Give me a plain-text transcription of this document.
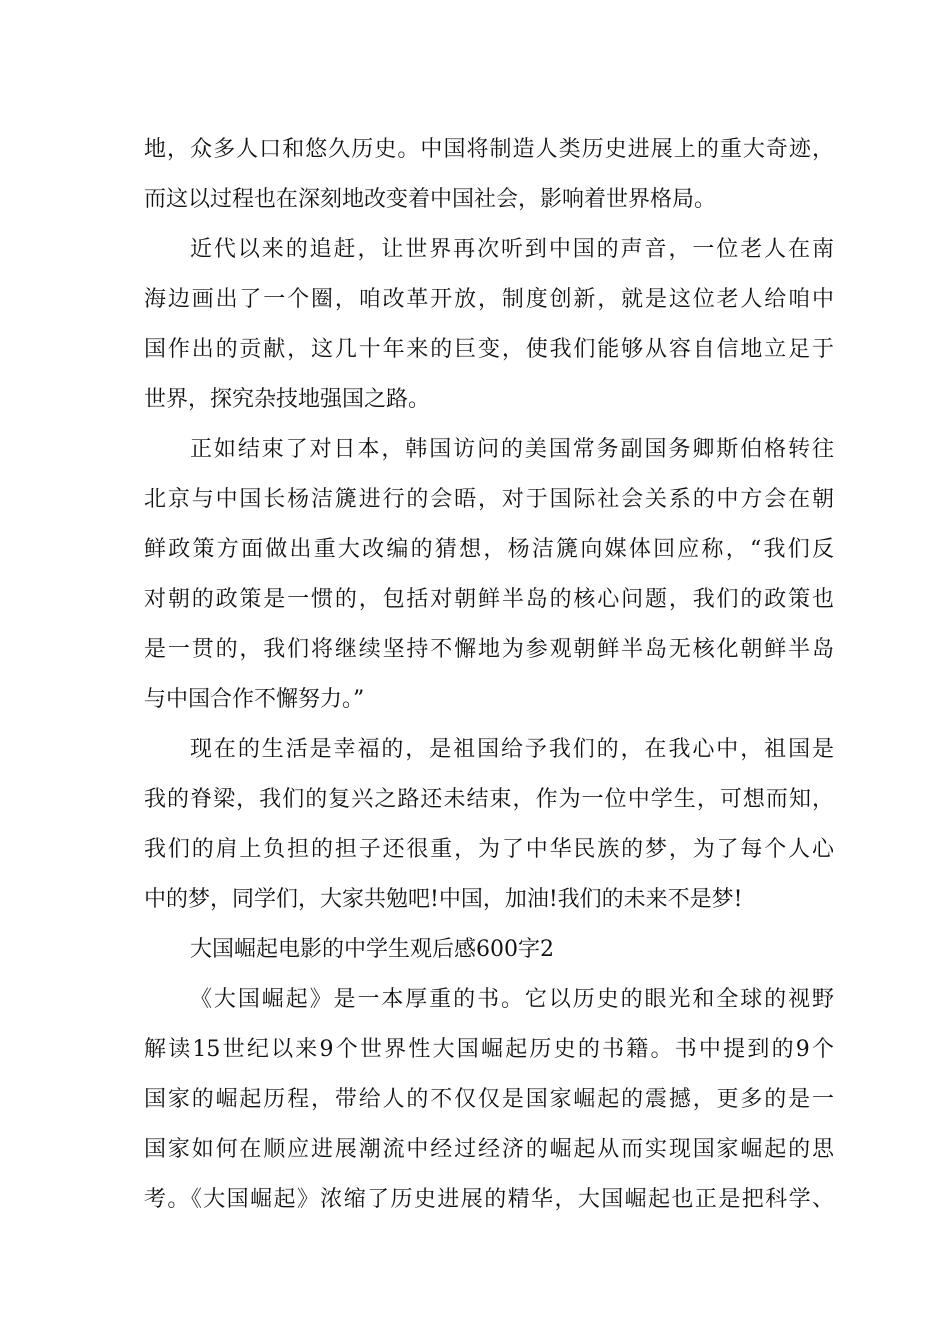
地，众多人口和悠久历史。中国将制造人类历史进展上的重大奇迹，

而这以过程也在深刻地改变着中国社会，影响着世界格局。

近代以来的追赶，让世界再次听到中国的声音，一位老人在南

海边画出了一个圈，咱改革开放，制度创新，就是这位老人给咱中

国作出的贡献，这几十年来的巨变，使我们能够从容自信地立足于

世界，探究杂技地强国之路。

正如结束了对日本，韩国访问的美国常务副国务卿斯伯格转往

北京与中国长杨洁篪进行的会晤，对于国际社会关系的中方会在朝

鲜政策方面做出重大改编的猜想，杨洁篪向媒体回应称，“我们反

对朝的政策是一惯的，包括对朝鲜半岛的核心问题，我们的政策也

是一贯的，我们将继续坚持不懈地为参观朝鲜半岛无核化朝鲜半岛

与中国合作不懈努力。”

现在的生活是幸福的，是祖国给予我们的，在我心中，祖国是

我的脊梁，我们的复兴之路还未结束，作为一位中学生，可想而知，

我们的肩上负担的担子还很重，为了中华民族的梦，为了每个人心

中的梦，同学们，大家共勉吧!中国，加油!我们的未来不是梦!

大国崛起电影的中学生观后感600字2

《大国崛起》是一本厚重的书。它以历史的眼光和全球的视野

解读15世纪以来9个世界性大国崛起历史的书籍。书中提到的9个

国家的崛起历程，带给人的不仅仅是国家崛起的震撼，更多的是一

国家如何在顺应进展潮流中经过经济的崛起从而实现国家崛起的思

考。《大国崛起》浓缩了历史进展的精华，大国崛起也正是把科学、
